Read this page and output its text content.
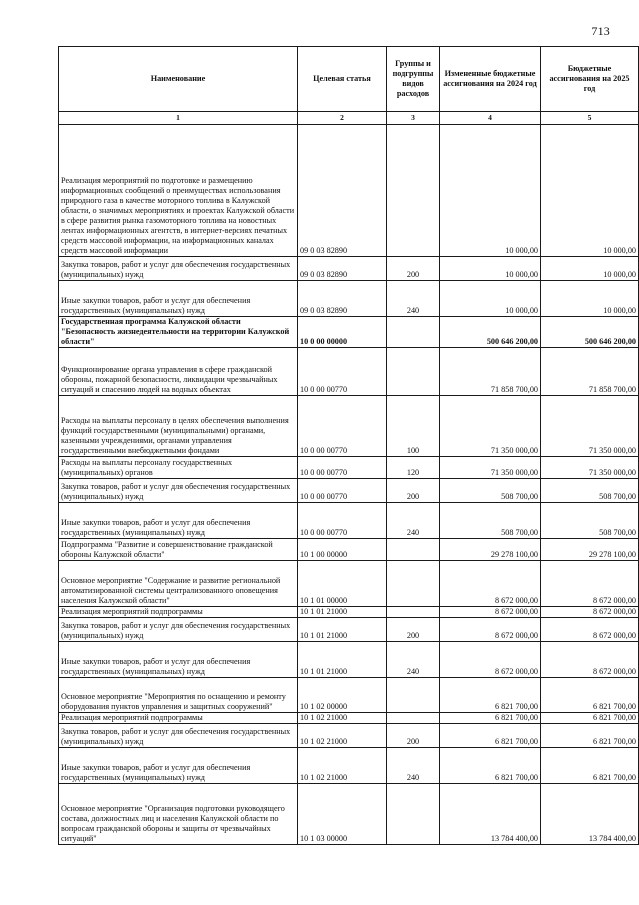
713
Наименование	Целевая статья	Группы и подгруппы видов расходов	Измененные бюджетные ассигнования на 2024 год	Бюджетные ассигнования на 2025 год
1	2	3	4	5
Реализация мероприятий по подготовке и размещению информационных сообщений о преимуществах использования природного газа в качестве моторного топлива в Калужской области, о значимых мероприятиях и проектах Калужской области в сфере развития рынка газомоторного топлива на новостных лентах информационных агентств, в интернет-версиях печатных средств массовой информации, на информационных каналах средств массовой информации	09 0 03 82890		10 000,00	10 000,00
Закупка товаров, работ и услуг для обеспечения государственных (муниципальных) нужд	09 0 03 82890	200	10 000,00	10 000,00
Иные закупки товаров, работ и услуг для обеспечения государственных (муниципальных) нужд	09 0 03 82890	240	10 000,00	10 000,00
Государственная программа Калужской области "Безопасность жизнедеятельности на территории Калужской области"	10 0 00 00000		500 646 200,00	500 646 200,00
Функционирование органа управления в сфере гражданской обороны, пожарной безопасности, ликвидации чрезвычайных ситуаций и спасению людей на водных объектах	10 0 00 00770		71 858 700,00	71 858 700,00
Расходы на выплаты персоналу в целях обеспечения выполнения функций государственными (муниципальными) органами, казенными учреждениями, органами управления государственными внебюджетными фондами	10 0 00 00770	100	71 350 000,00	71 350 000,00
Расходы на выплаты персоналу государственных (муниципальных) органов	10 0 00 00770	120	71 350 000,00	71 350 000,00
Закупка товаров, работ и услуг для обеспечения государственных (муниципальных) нужд	10 0 00 00770	200	508 700,00	508 700,00
Иные закупки товаров, работ и услуг для обеспечения государственных (муниципальных) нужд	10 0 00 00770	240	508 700,00	508 700,00
Подпрограмма "Развитие и совершенствование гражданской обороны Калужской области"	10 1 00 00000		29 278 100,00	29 278 100,00
Основное мероприятие "Содержание и развитие региональной автоматизированной системы централизованного оповещения населения Калужской области"	10 1 01 00000		8 672 000,00	8 672 000,00
Реализация мероприятий подпрограммы	10 1 01 21000		8 672 000,00	8 672 000,00
Закупка товаров, работ и услуг для обеспечения государственных (муниципальных) нужд	10 1 01 21000	200	8 672 000,00	8 672 000,00
Иные закупки товаров, работ и услуг для обеспечения государственных (муниципальных) нужд	10 1 01 21000	240	8 672 000,00	8 672 000,00
Основное мероприятие "Мероприятия по оснащению и ремонту оборудования пунктов управления и защитных сооружений"	10 1 02 00000		6 821 700,00	6 821 700,00
Реализация мероприятий подпрограммы	10 1 02 21000		6 821 700,00	6 821 700,00
Закупка товаров, работ и услуг для обеспечения государственных (муниципальных) нужд	10 1 02 21000	200	6 821 700,00	6 821 700,00
Иные закупки товаров, работ и услуг для обеспечения государственных (муниципальных) нужд	10 1 02 21000	240	6 821 700,00	6 821 700,00
Основное мероприятие "Организация подготовки руководящего состава, должностных лиц и населения Калужской области по вопросам гражданской обороны и защиты от чрезвычайных ситуаций"	10 1 03 00000		13 784 400,00	13 784 400,00
